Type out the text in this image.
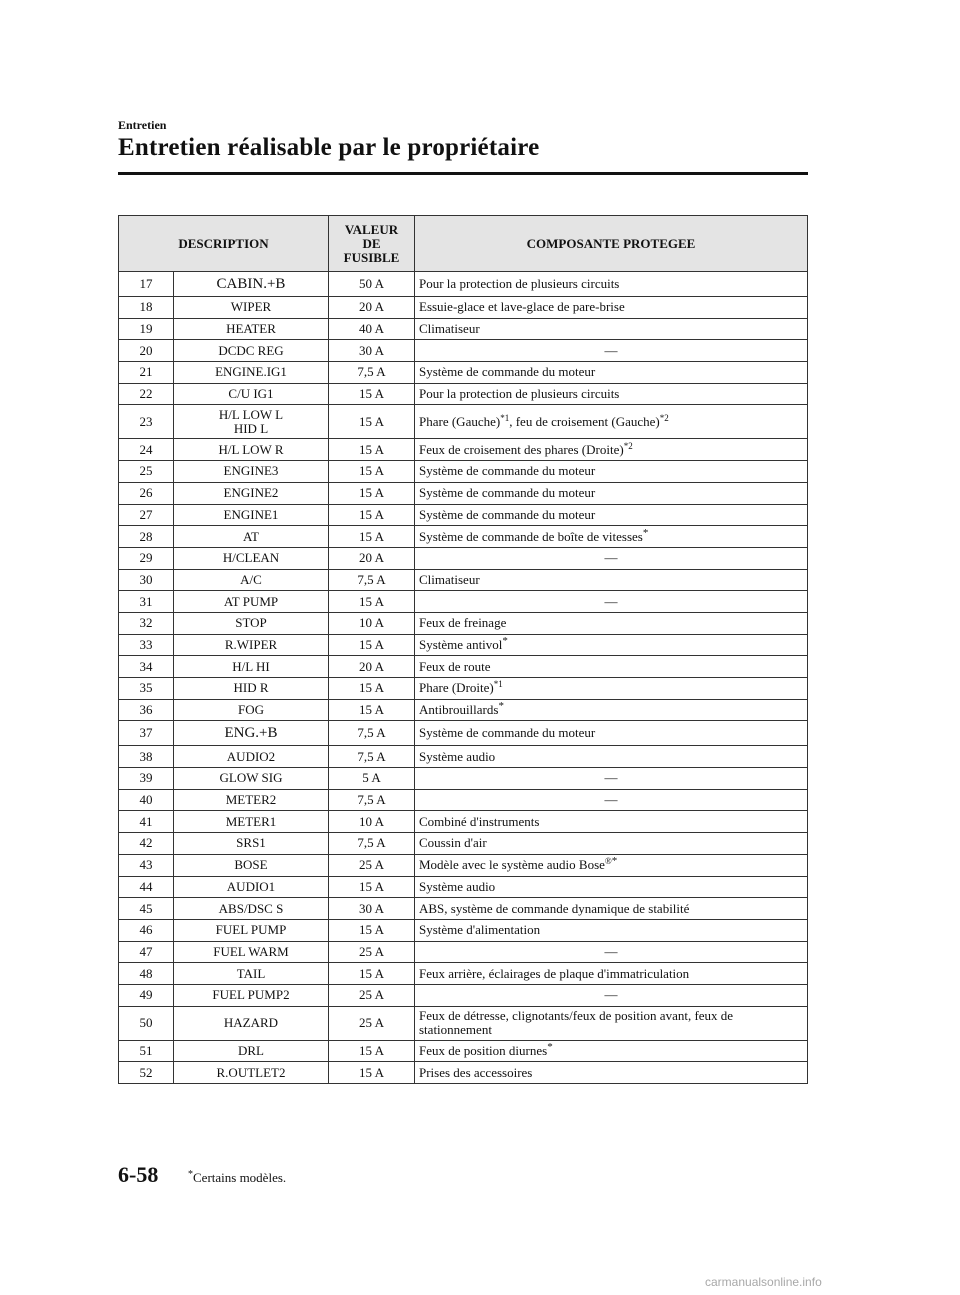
Entretien
Entretien réalisable par le propriétaire
DESCRIPTION		VALEUR
DE
FUSIBLE	COMPOSANTE PROTEGEE
17	CABIN.+B	50 A	Pour la protection de plusieurs circuits
18	WIPER	20 A	Essuie-glace et lave-glace de pare-brise
19	HEATER	40 A	Climatiseur
20	DCDC REG	30 A	―
21	ENGINE.IG1	7,5 A	Système de commande du moteur
22	C/U IG1	15 A	Pour la protection de plusieurs circuits
23	H/L LOW L
HID L	15 A	Phare (Gauche)$^{*1}$, feu de croisement (Gauche)$^{*2}$
24	H/L LOW R	15 A	Feux de croisement des phares (Droite)$^{*2}$
25	ENGINE3	15 A	Système de commande du moteur
26	ENGINE2	15 A	Système de commande du moteur
27	ENGINE1	15 A	Système de commande du moteur
28	AT	15 A	Système de commande de boîte de vitesses*
29	H/CLEAN	20 A	―
30	A/C	7,5 A	Climatiseur
31	AT PUMP	15 A	―
32	STOP	10 A	Feux de freinage
33	R.WIPER	15 A	Système antivol*
34	H/L HI	20 A	Feux de route
35	HID R	15 A	Phare (Droite)$^{*1}$
36	FOG	15 A	Antibrouillards*
37	ENG.+B	7,5 A	Système de commande du moteur
38	AUDIO2	7,5 A	Système audio
39	GLOW SIG	5 A	―
40	METER2	7,5 A	―
41	METER1	10 A	Combiné d'instruments
42	SRS1	7,5 A	Coussin d'air
43	BOSE	25 A	Modèle avec le système audio Bose®*
44	AUDIO1	15 A	Système audio
45	ABS/DSC S	30 A	ABS, système de commande dynamique de stabilité
46	FUEL PUMP	15 A	Système d'alimentation
47	FUEL WARM	25 A	―
48	TAIL	15 A	Feux arrière, éclairages de plaque d'immatriculation
49	FUEL PUMP2	25 A	―
50	HAZARD	25 A	Feux de détresse, clignotants/feux de position avant, feux de stationnement
51	DRL	15 A	Feux de position diurnes*
52	R.OUTLET2	15 A	Prises des accessoires
6-58	*Certains modèles.
carmanualsonline.info
